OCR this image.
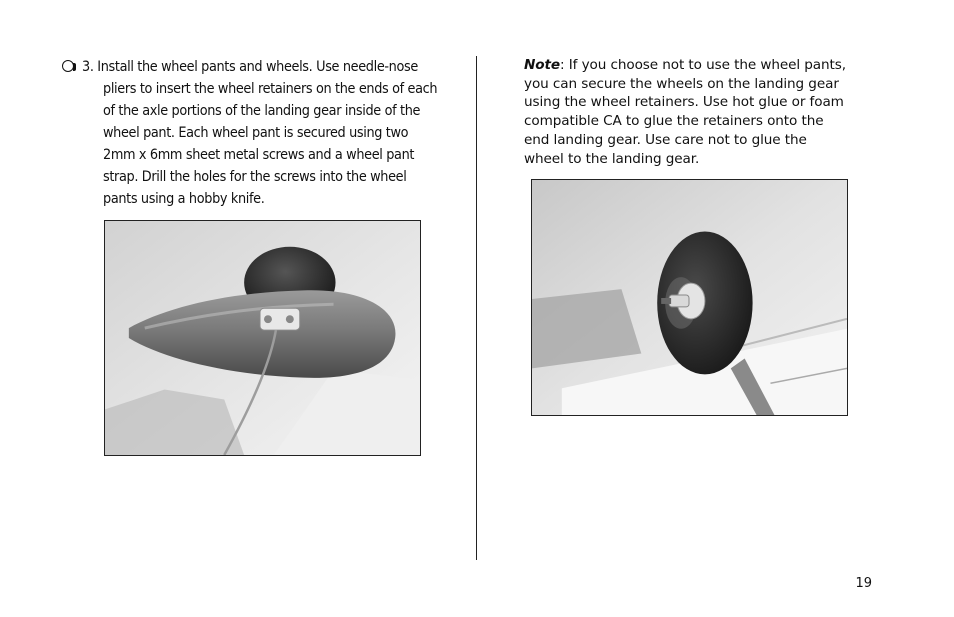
3. Install the wheel pants and wheels. Use needle-nose
pliers to insert the wheel retainers on the ends of each
of the axle portions of the landing gear inside of the
wheel pant. Each wheel pant is secured using two
2mm x 6mm sheet metal screws and a wheel pant
strap. Drill the holes for the screws into the wheel
pants using a hobby knife.
Note: If you choose not to use the wheel pants,
you can secure the wheels on the landing gear
using the wheel retainers. Use hot glue or foam
compatible CA to glue the retainers onto the
end landing gear. Use care not to glue the
wheel to the landing gear.
19
